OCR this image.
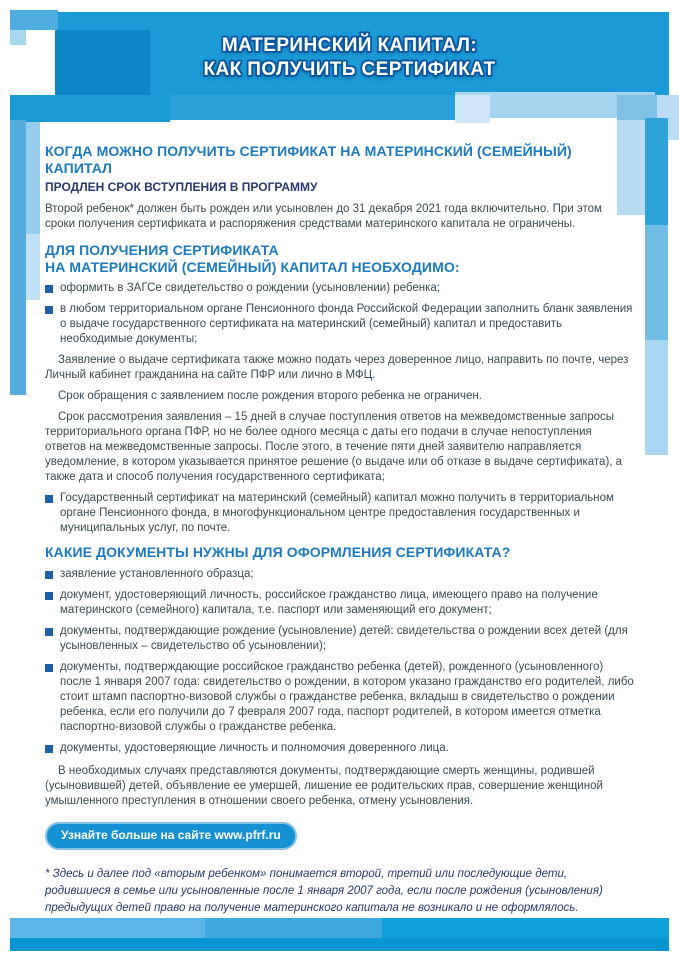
МАТЕРИНСКИЙ КАПИТАЛ:
КАК ПОЛУЧИТЬ СЕРТИФИКАТ
КОГДА МОЖНО ПОЛУЧИТЬ СЕРТИФИКАТ НА МАТЕРИНСКИЙ (СЕМЕЙНЫЙ) КАПИТАЛ
ПРОДЛЕН СРОК ВСТУПЛЕНИЯ В ПРОГРАММУ

Второй ребенок* должен быть рожден или усыновлен до 31 декабря 2021 года включительно. При этом сроки получения сертификата и распоряжения средствами материнского капитала не ограничены.

ДЛЯ ПОЛУЧЕНИЯ СЕРТИФИКАТА
НА МАТЕРИНСКИЙ (СЕМЕЙНЫЙ) КАПИТАЛ НЕОБХОДИМО:
оформить в ЗАГСе свидетельство о рождении (усыновлении) ребенка;
в любом территориальном органе Пенсионного фонда Российской Федерации заполнить бланк заявления о выдаче государственного сертификата на материнский (семейный) капитал и предоставить необходимые документы;

Заявление о выдаче сертификата также можно подать через доверенное лицо, направить по почте, через Личный кабинет гражданина на сайте ПФР или лично в МФЦ.

Срок обращения с заявлением после рождения второго ребенка не ограничен.

Срок рассмотрения заявления – 15 дней в случае поступления ответов на межведомственные запросы территориального органа ПФР, но не более одного месяца с даты его подачи в случае непоступления ответов на межведомственные запросы. После этого, в течение пяти дней заявителю направляется уведомление, в котором указывается принятое решение (о выдаче или об отказе в выдаче сертификата), а также дата и способ получения государственного сертификата;

Государственный сертификат на материнский (семейный) капитал можно получить в территориальном органе Пенсионного фонда, в многофункциональном центре предоставления государственных и муниципальных услуг, по почте.
КАКИЕ ДОКУМЕНТЫ НУЖНЫ ДЛЯ ОФОРМЛЕНИЯ СЕРТИФИКАТА?
заявление установленного образца;
документ, удостоверяющий личность, российское гражданство лица, имеющего право на получение материнского (семейного) капитала, т.е. паспорт или заменяющий его документ;
документы, подтверждающие рождение (усыновление) детей: свидетельства о рождении всех детей (для усыновленных – свидетельство об усыновлении);
документы, подтверждающие российское гражданство ребенка (детей), рожденного (усыновленного) после 1 января 2007 года: свидетельство о рождении, в котором указано гражданство его родителей, либо стоит штамп паспортно-визовой службы о гражданстве ребенка, вкладыш в свидетельство о рождении ребенка, если его получили до 7 февраля 2007 года, паспорт родителей, в котором имеется отметка паспортно-визовой службы о гражданстве ребенка.
документы, удостоверяющие личность и полномочия доверенного лица.

В необходимых случаях представляются документы, подтверждающие смерть женщины, родившей (усыновившей) детей, объявление ее умершей, лишение ее родительских прав, совершение женщиной умышленного преступления в отношении своего ребенка, отмену усыновления.

Узнайте больше на сайте www.pfrf.ru

* Здесь и далее под «вторым ребенком» понимается второй, третий или последующие дети, родившиеся в семье или усыновленные после 1 января 2007 года, если после рождения (усыновления) предыдущих детей право на получение материнского капитала не возникало и не оформлялось.
